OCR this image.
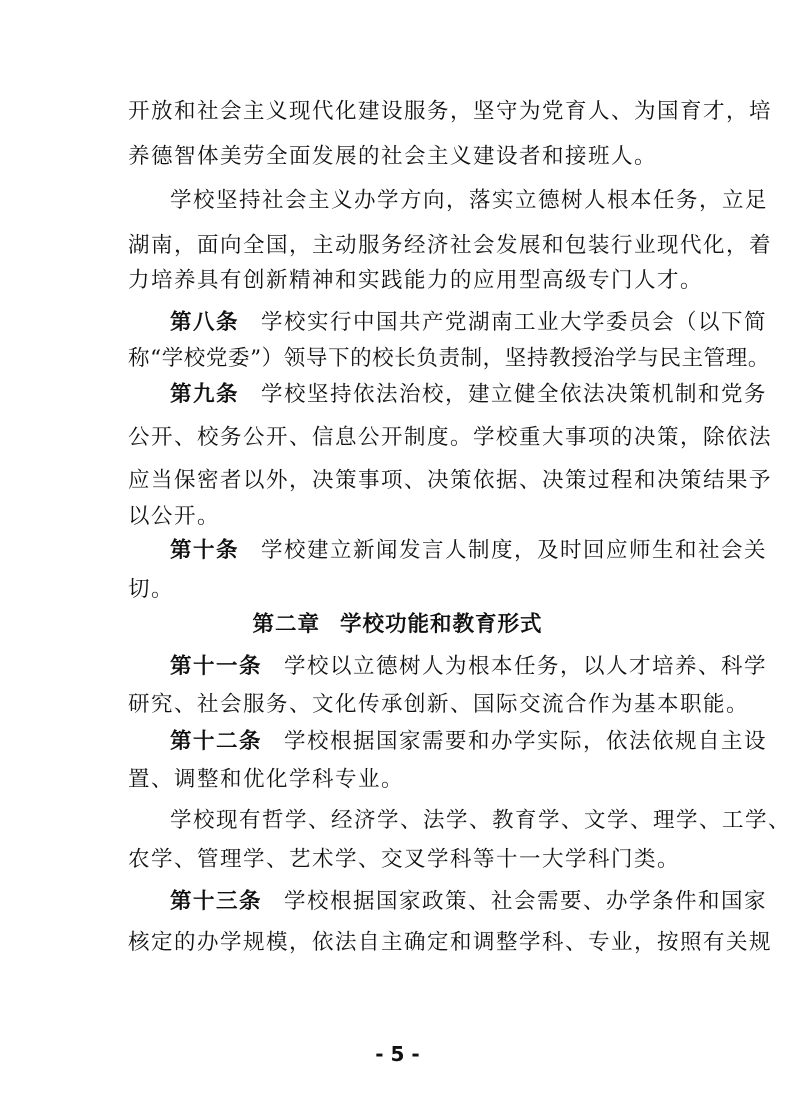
开放和社会主义现代化建设服务，坚守为党育人、为国育才，培
养德智体美劳全面发展的社会主义建设者和接班人。
学校坚持社会主义办学方向，落实立德树人根本任务，立足
湖南，面向全国，主动服务经济社会发展和包装行业现代化，着
力培养具有创新精神和实践能力的应用型高级专门人才。
第八条 学校实行中国共产党湖南工业大学委员会（以下简
称“学校党委”）领导下的校长负责制，坚持教授治学与民主管理。
第九条 学校坚持依法治校，建立健全依法决策机制和党务
公开、校务公开、信息公开制度。学校重大事项的决策，除依法
应当保密者以外，决策事项、决策依据、决策过程和决策结果予
以公开。
第十条 学校建立新闻发言人制度，及时回应师生和社会关
切。
第二章 学校功能和教育形式
第十一条 学校以立德树人为根本任务，以人才培养、科学
研究、社会服务、文化传承创新、国际交流合作为基本职能。
第十二条 学校根据国家需要和办学实际，依法依规自主设
置、调整和优化学科专业。
学校现有哲学、经济学、法学、教育学、文学、理学、工学、
农学、管理学、艺术学、交叉学科等十一大学科门类。
- 5 -
第十三条 学校根据国家政策、社会需要、办学条件和国家
核定的办学规模，依法自主确定和调整学科、专业，按照有关规
